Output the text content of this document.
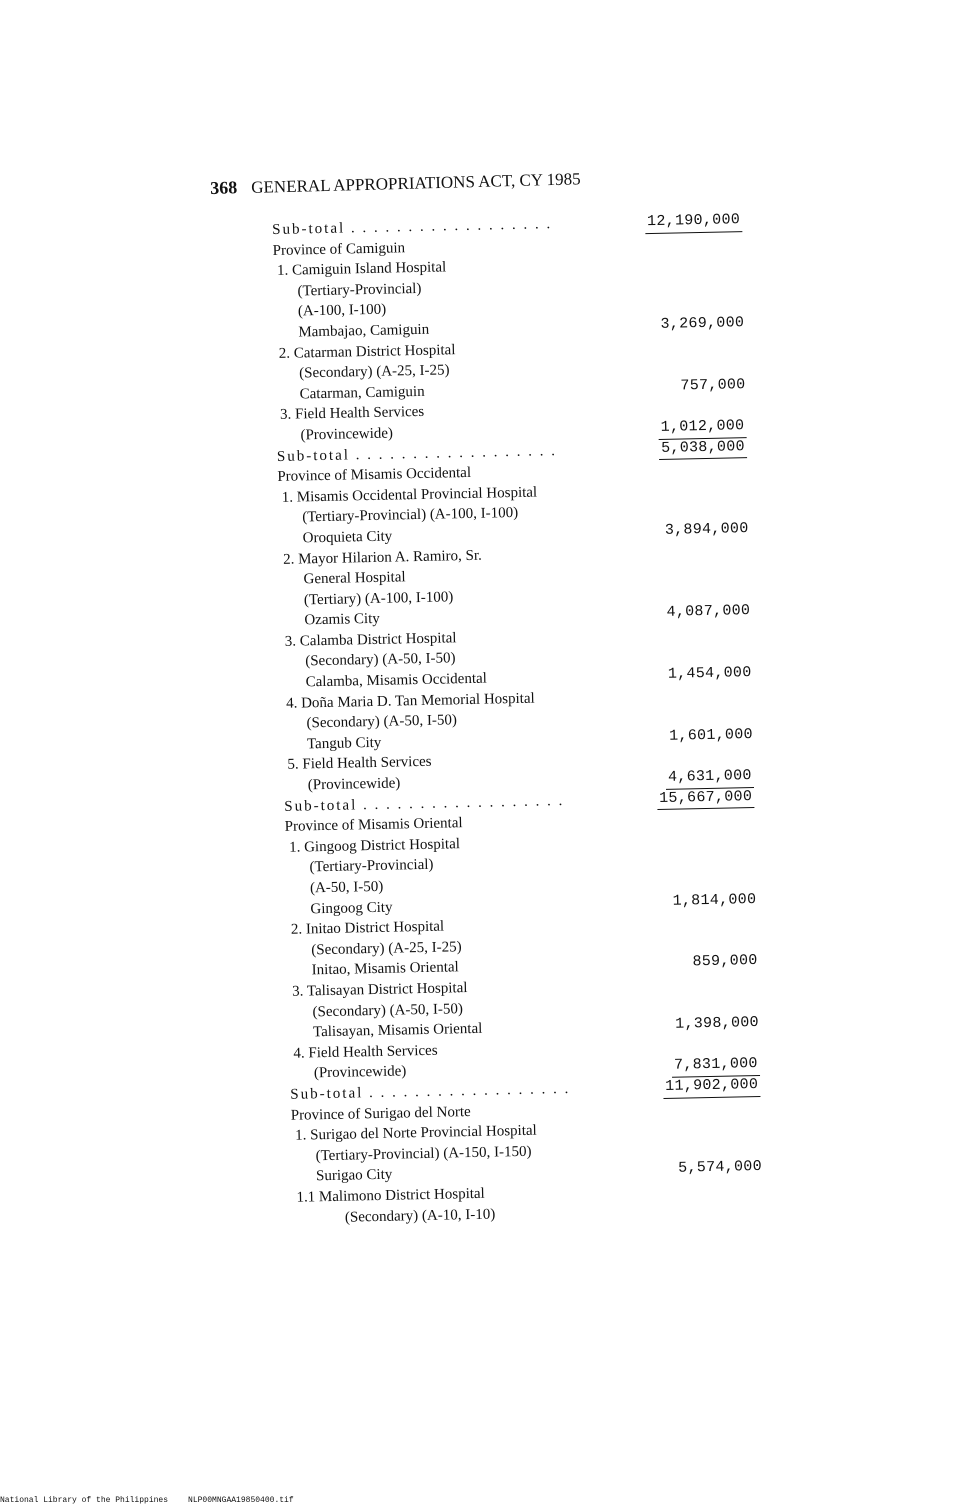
368 GENERAL APPROPRIATIONS ACT, CY 1985
Sub-total . . . . . . . . . . . . . . . . . .	12,190,000
Province of Camiguin
1. Camiguin Island Hospital
(Tertiary-Provincial)
(A-100, I-100)
Mambajao, Camiguin	3,269,000
2. Catarman District Hospital
(Secondary) (A-25, I-25)
Catarman, Camiguin	757,000
3. Field Health Services
(Provincewide)	1,012,000
Sub-total . . . . . . . . . . . . . . . . . .	5,038,000
Province of Misamis Occidental
1. Misamis Occidental Provincial Hospital
(Tertiary-Provincial) (A-100, I-100)
Oroquieta City	3,894,000
2. Mayor Hilarion A. Ramiro, Sr.
General Hospital
(Tertiary) (A-100, I-100)
Ozamis City	4,087,000
3. Calamba District Hospital
(Secondary) (A-50, I-50)
Calamba, Misamis Occidental	1,454,000
4. Doña Maria D. Tan Memorial Hospital
(Secondary) (A-50, I-50)
Tangub City	1,601,000
5. Field Health Services
(Provincewide)	4,631,000
Sub-total . . . . . . . . . . . . . . . . . .	15,667,000
Province of Misamis Oriental
1. Gingoog District Hospital
(Tertiary-Provincial)
(A-50, I-50)
Gingoog City	1,814,000
2. Initao District Hospital
(Secondary) (A-25, I-25)
Initao, Misamis Oriental	859,000
3. Talisayan District Hospital
(Secondary) (A-50, I-50)
Talisayan, Misamis Oriental	1,398,000
4. Field Health Services
(Provincewide)	7,831,000
Sub-total . . . . . . . . . . . . . . . . . .	11,902,000
Province of Surigao del Norte
1. Surigao del Norte Provincial Hospital
(Tertiary-Provincial) (A-150, I-150)
Surigao City	5,574,000
1.1 Malimono District Hospital
(Secondary) (A-10, I-10)
National Library of the Philippines	NLP00MNGAA19850400.tif
